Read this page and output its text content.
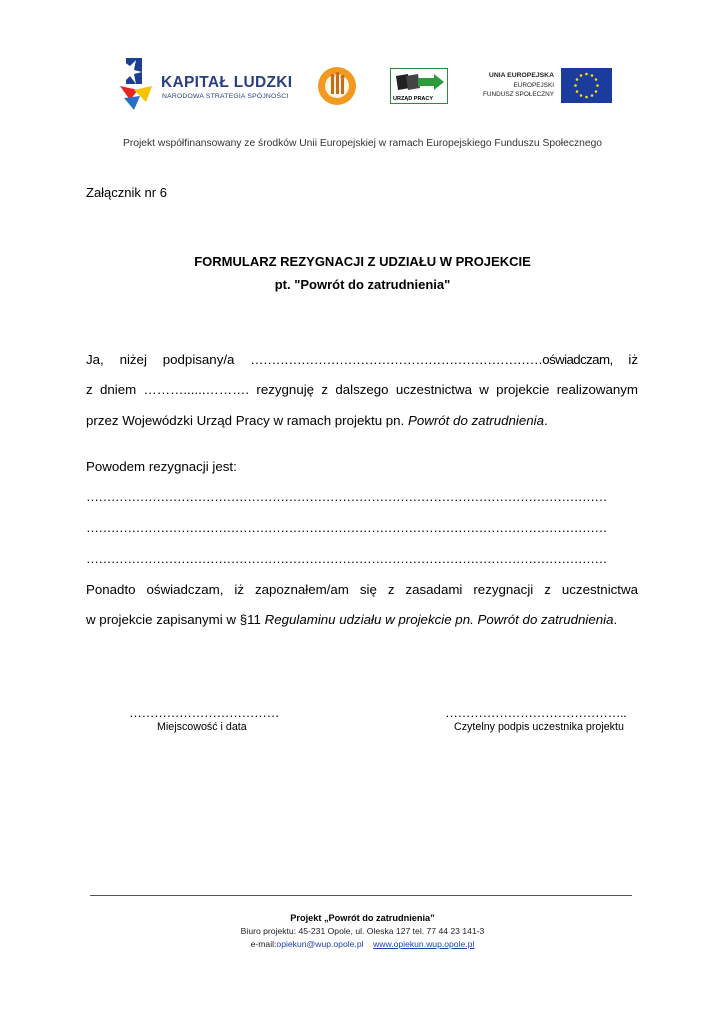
KAPITAŁ LUDZKI
NARODOWA STRATEGIA SPÓJNOŚCI	URZĄD PRACY
UNIA EUROPEJSKA
EUROPEJSKI
FUNDUSZ SPOŁECZNY
Projekt współfinansowany ze środków Unii Europejskiej w ramach Europejskiego Funduszu Społecznego
Załącznik nr 6
FORMULARZ REZYGNACJI Z UDZIAŁU W PROJEKCIE
pt. "Powrót do zatrudnienia"
Ja, niżej podpisany/a ……………………………………………………………oświadczam, iż
z dniem ………......………. rezygnuję z dalszego uczestnictwa w projekcie realizowanym
przez Wojewódzki Urząd Pracy w ramach projektu pn. Powrót do zatrudnienia.
Powodem rezygnacji jest:
………………………………………………………………………………………………………………
………………………………………………………………………………………………………………
………………………………………………………………………………………………………………
Ponadto oświadczam, iż zapoznałem/am się z zasadami rezygnacji z uczestnictwa
w projekcie zapisanymi w §11 Regulaminu udziału w projekcie pn. Powrót do zatrudnienia.
………………………………
Miejscowość i data
……………………………………..
Czytelny podpis uczestnika projektu
Projekt „Powrót do zatrudnienia”
Biuro projektu: 45-231 Opole, ul. Oleska 127 tel. 77 44 23 141-3
e-mail:opiekun@wup.opole.pl www.opiekun.wup.opole.pl
